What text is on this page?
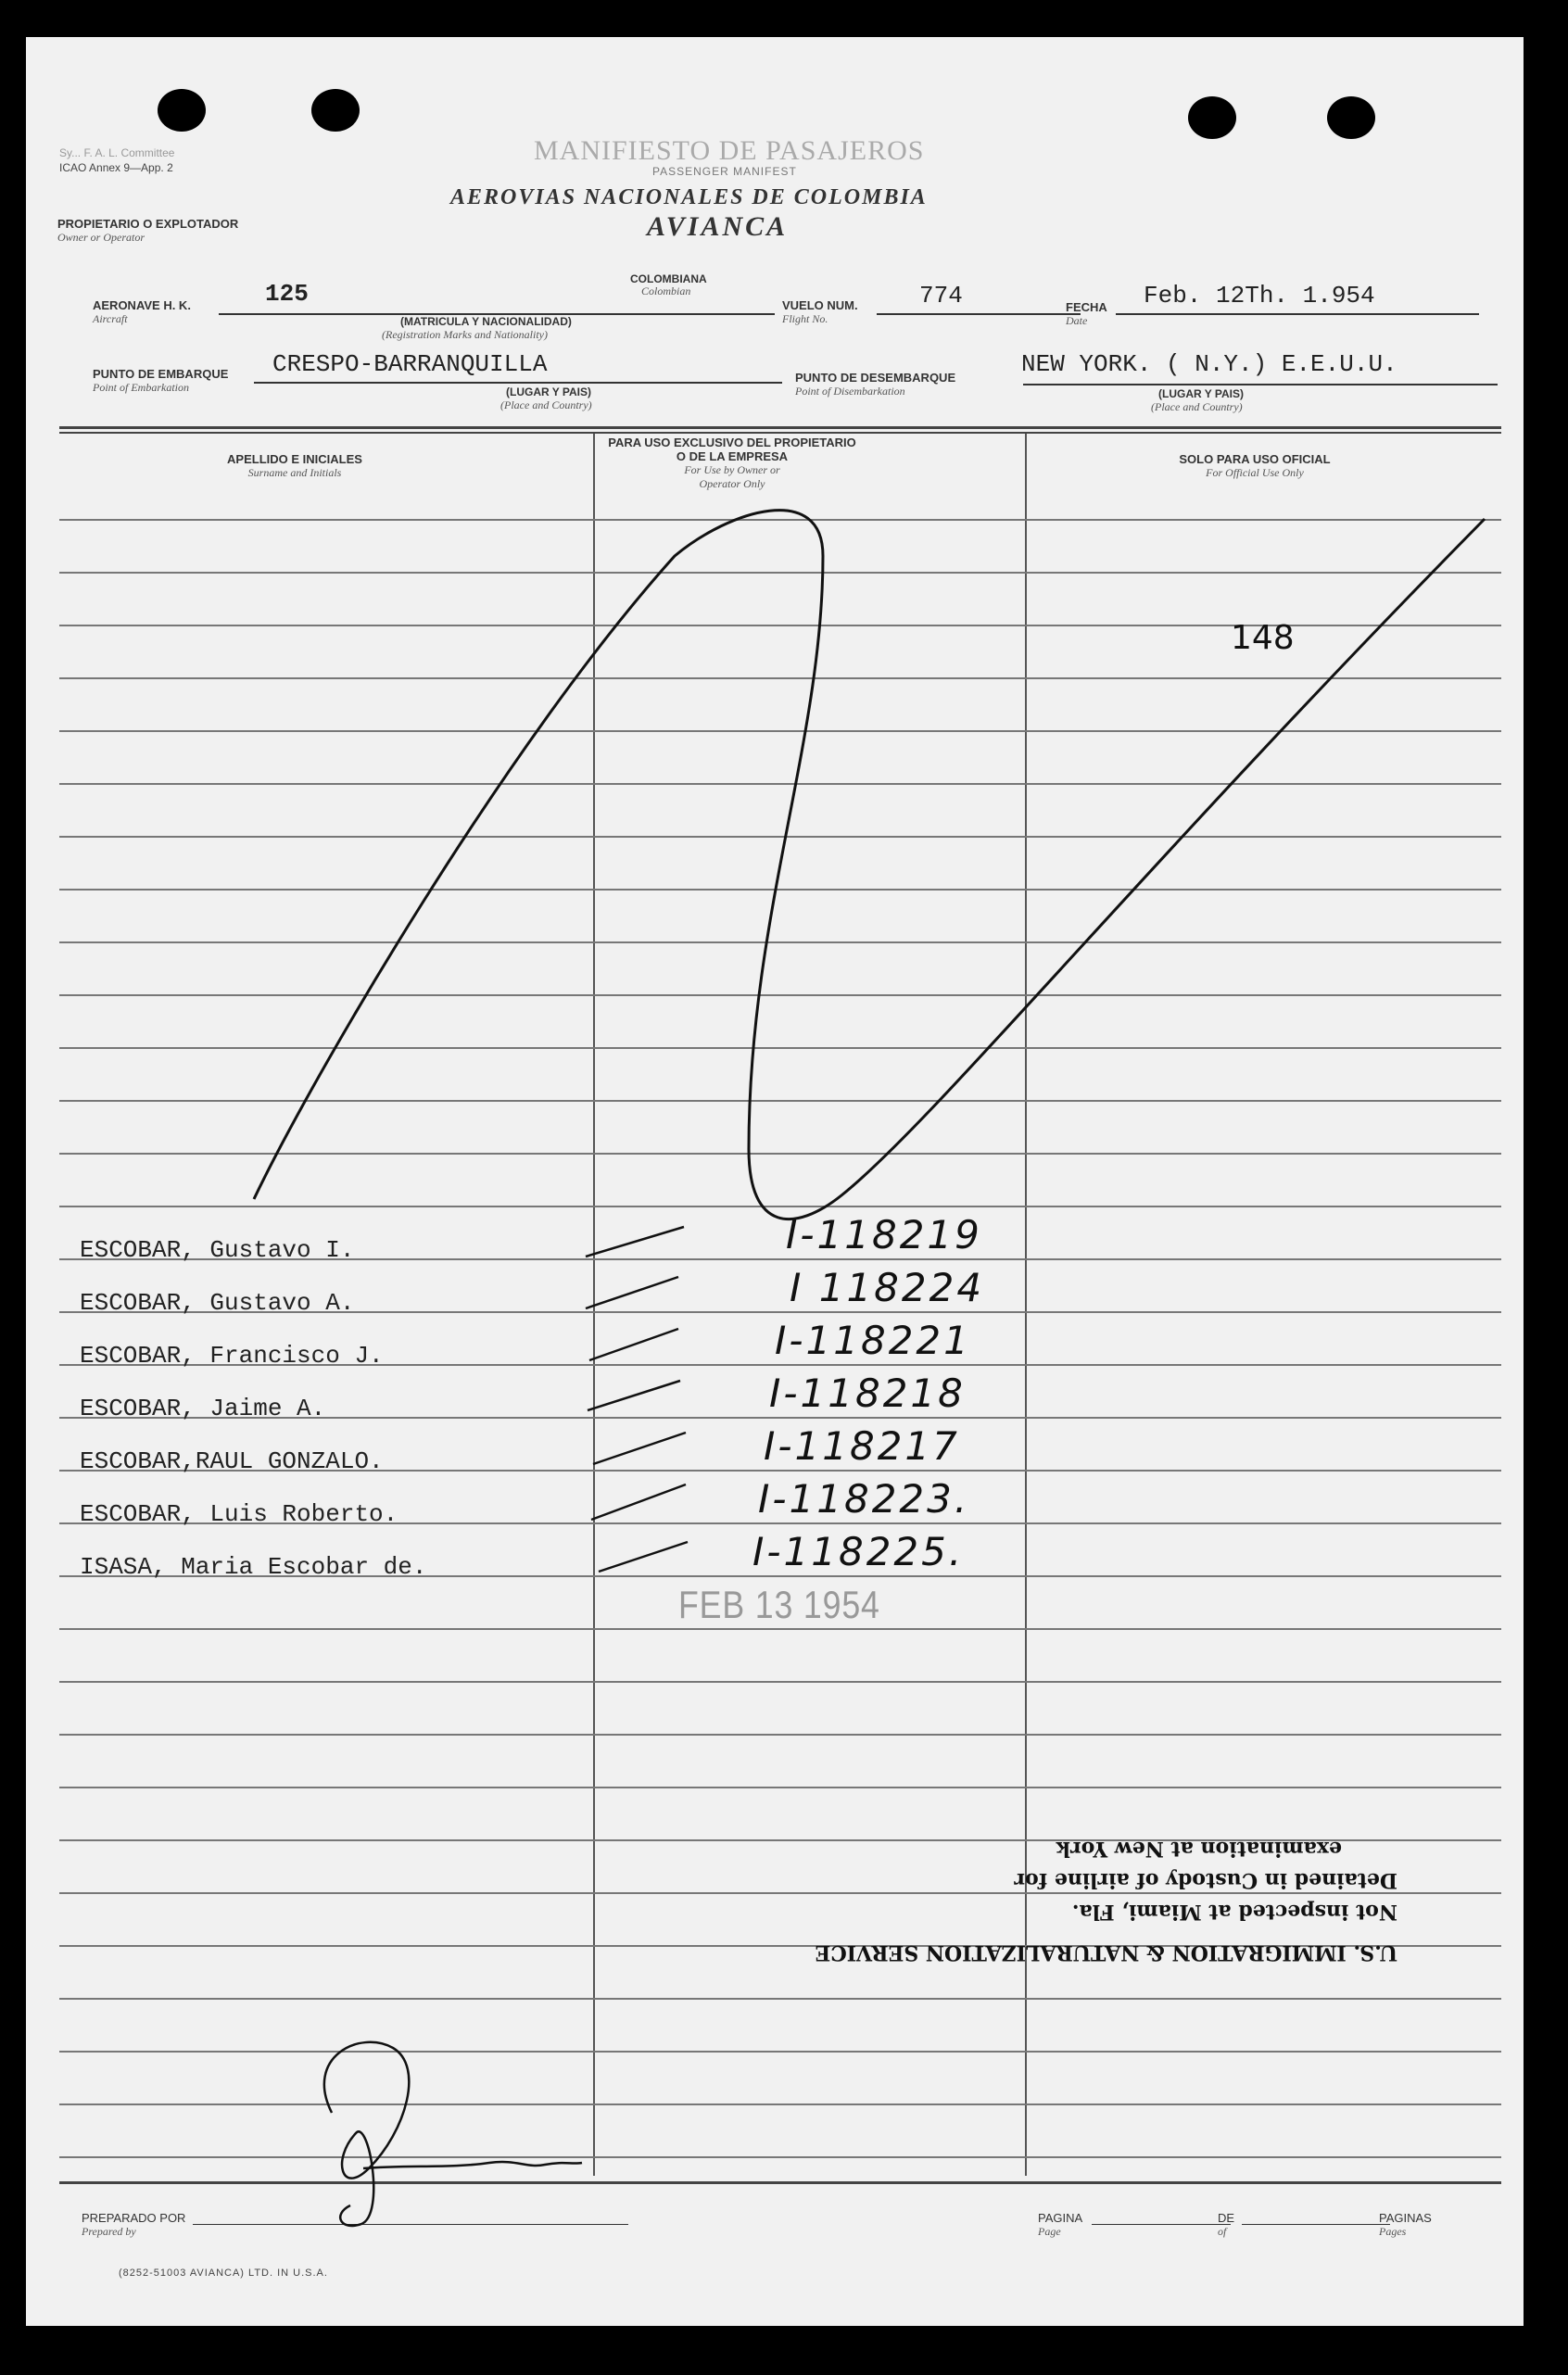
Sy... F. A. L. Committee
ICAO Annex 9—App. 2
MANIFIESTO DE PASAJEROS
PASSENGER MANIFEST
AEROVIAS NACIONALES DE COLOMBIA
AVIANCA
PROPIETARIO O EXPLOTADOR
Owner or Operator
AERONAVE H. K.
Aircraft
125
COLOMBIANA
Colombian
(MATRICULA Y NACIONALIDAD)
(Registration Marks and Nationality)
VUELO NUM.
Flight No.
774	FECHA
Date
Feb. 12Th. 1.954
PUNTO DE EMBARQUE
Point of Embarkation
CRESPO-BARRANQUILLA
(LUGAR Y PAIS)
(Place and Country)
PUNTO DE DESEMBARQUE
Point of Disembarkation
NEW YORK. ( N.Y.) E.E.U.U.
(LUGAR Y PAIS)
(Place and Country)
APELLIDO E INICIALES
Surname and Initials
PARA USO EXCLUSIVO DEL PROPIETARIO
O DE LA EMPRESA
For Use by Owner or
Operator Only
SOLO PARA USO OFICIAL
For Official Use Only
148
ESCOBAR, Gustavo I.	I-118219
ESCOBAR, Gustavo A.	I 118224
ESCOBAR, Francisco J.	I-118221
ESCOBAR, Jaime A.	I-118218
ESCOBAR,RAUL GONZALO.	I-118217
ESCOBAR, Luis Roberto.	I-118223.
ISASA, Maria Escobar de.	I-118225.
FEB 13 1954
U.S. IMMIGRATION & NATURALIZATION SERVICE
Not inspected at Miami, Fla.
Detained in Custody of airline for
examination at New York
PREPARADO POR
Prepared by
PAGINA
Page
DE
of
PAGINAS
Pages
(8252-51003 AVIANCA) LTD. IN U.S.A.
